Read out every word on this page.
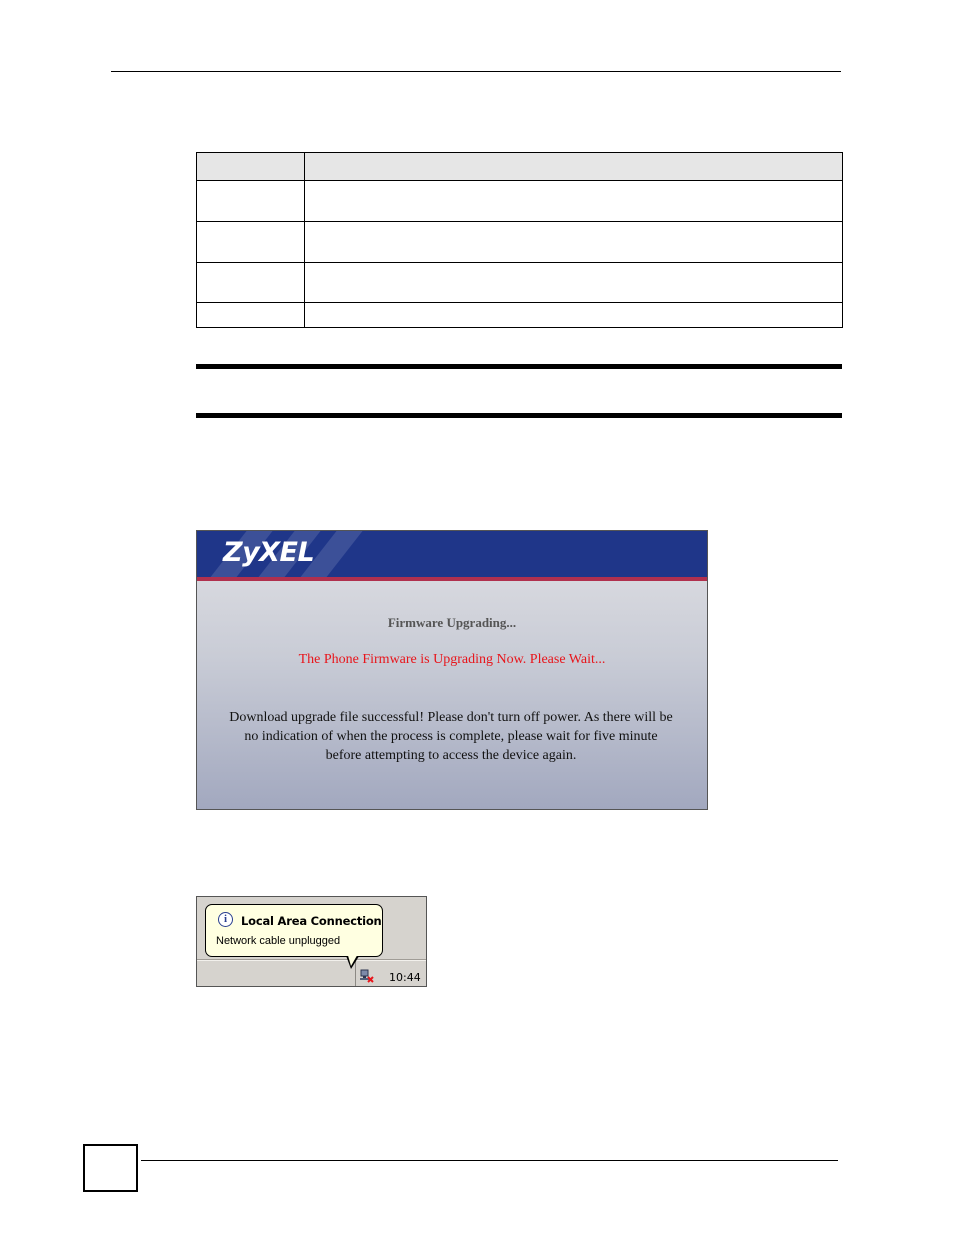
ZyXEL
Firmware Upgrading...
The Phone Firmware is Upgrading Now. Please Wait...
Download upgrade file successful! Please don't turn off power. As there will be no indication of when the process is complete, please wait for five minute before attempting to access the device again.
i	Local Area Connection
Network cable unplugged
10:44
